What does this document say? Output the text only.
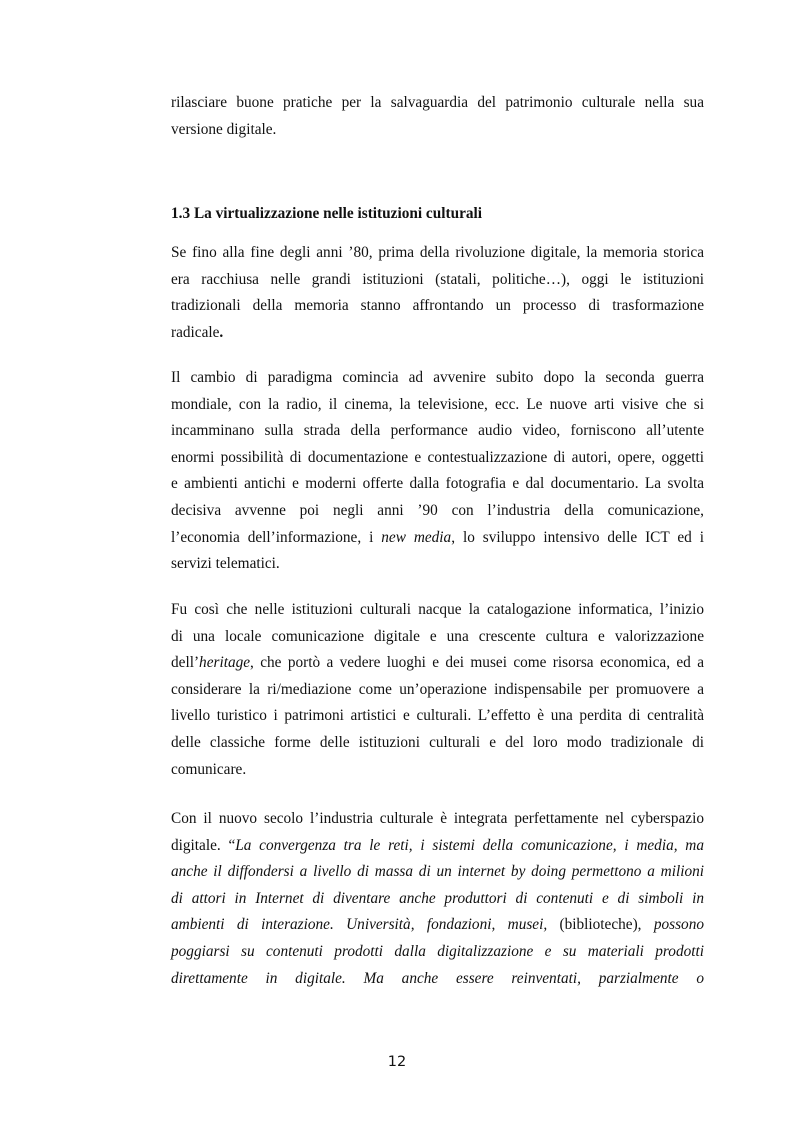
rilasciare buone pratiche per la salvaguardia del patrimonio culturale nella sua
versione digitale.
1.3 La virtualizzazione nelle istituzioni culturali
Se fino alla fine degli anni ’80, prima della rivoluzione digitale, la memoria storica
era racchiusa nelle grandi istituzioni (statali, politiche…), oggi le istituzioni
tradizionali della memoria stanno affrontando un processo di trasformazione
radicale.
Il cambio di paradigma comincia ad avvenire subito dopo la seconda guerra
mondiale, con la radio, il cinema, la televisione, ecc. Le nuove arti visive che si
incamminano sulla strada della performance audio video, forniscono all’utente
enormi possibilità di documentazione e contestualizzazione di autori, opere, oggetti
e ambienti antichi e moderni offerte dalla fotografia e dal documentario. La svolta
decisiva avvenne poi negli anni ’90 con l’industria della comunicazione,
l’economia dell’informazione, i new media, lo sviluppo intensivo delle ICT ed i
servizi telematici.
Fu così che nelle istituzioni culturali nacque la catalogazione informatica, l’inizio
di una locale comunicazione digitale e una crescente cultura e valorizzazione
dell’heritage, che portò a vedere luoghi e dei musei come risorsa economica, ed a
considerare la ri/mediazione come un’operazione indispensabile per promuovere a
livello turistico i patrimoni artistici e culturali. L’effetto è una perdita di centralità
delle classiche forme delle istituzioni culturali e del loro modo tradizionale di
comunicare.
Con il nuovo secolo l’industria culturale è integrata perfettamente nel cyberspazio
digitale. “La convergenza tra le reti, i sistemi della comunicazione, i media, ma
anche il diffondersi a livello di massa di un internet by doing permettono a milioni
di attori in Internet di diventare anche produttori di contenuti e di simboli in
ambienti di interazione. Università, fondazioni, musei, (biblioteche), possono
poggiarsi su contenuti prodotti dalla digitalizzazione e su materiali prodotti
direttamente in digitale. Ma anche essere reinventati, parzialmente o
12
